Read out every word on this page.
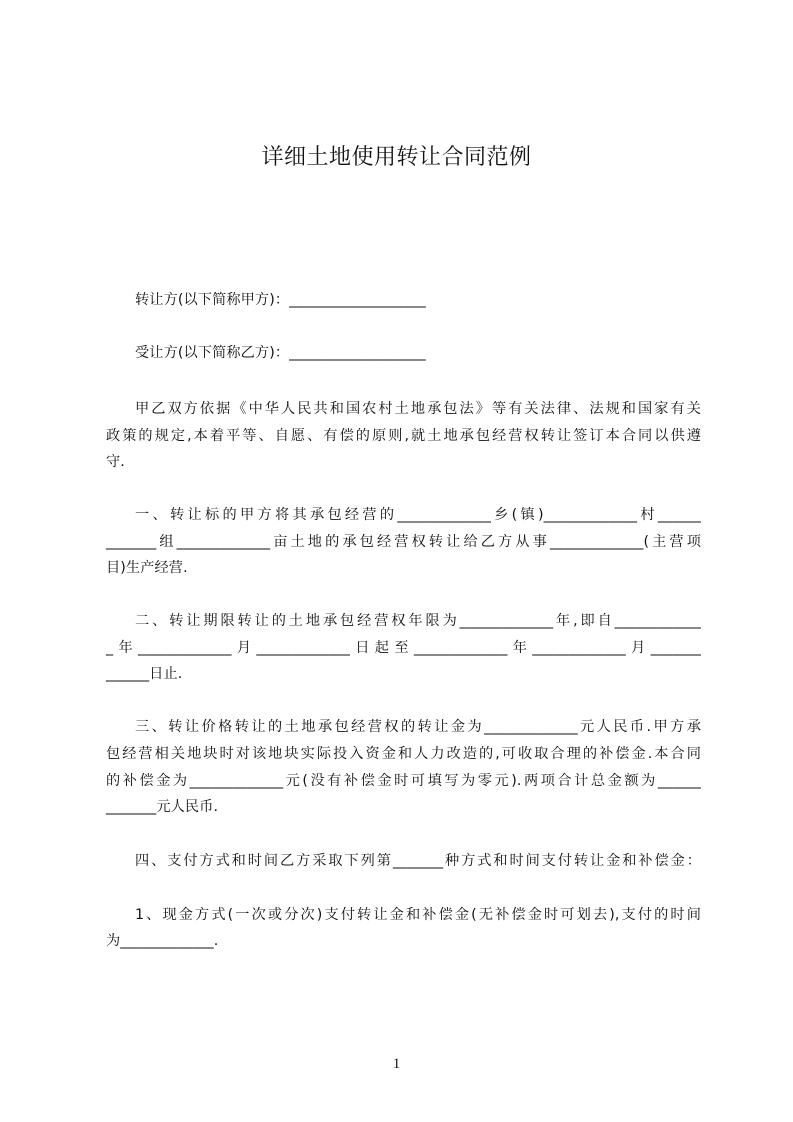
详细土地使用转让合同范例
转让方(以下简称甲方)：___________________
受让方(以下简称乙方)：___________________
甲乙双方依据《中华人民共和国农村土地承包法》等有关法律、法规和国家有关
政策的规定,本着平等、自愿、有偿的原则,就土地承包经营权转让签订本合同以供遵
守.
一、转让标的甲方将其承包经营的_____________乡(镇)_____________村______
_______组_____________亩土地的承包经营权转让给乙方从事_____________(主营项
目)生产经营.
二、转让期限转让的土地承包经营权年限为_____________年,即自____________
_年_____________月_____________日起至_____________年_____________月_______
______日止.
三、转让价格转让的土地承包经营权的转让金为_____________元人民币.甲方承
包经营相关地块时对该地块实际投入资金和人力改造的,可收取合理的补偿金.本合同
的补偿金为_____________元(没有补偿金时可填写为零元).两项合计总金额为______
_______元人民币.
四、支付方式和时间乙方采取下列第_______种方式和时间支付转让金和补偿金：
1、现金方式(一次或分次)支付转让金和补偿金(无补偿金时可划去),支付的时间
为_____________.
1
